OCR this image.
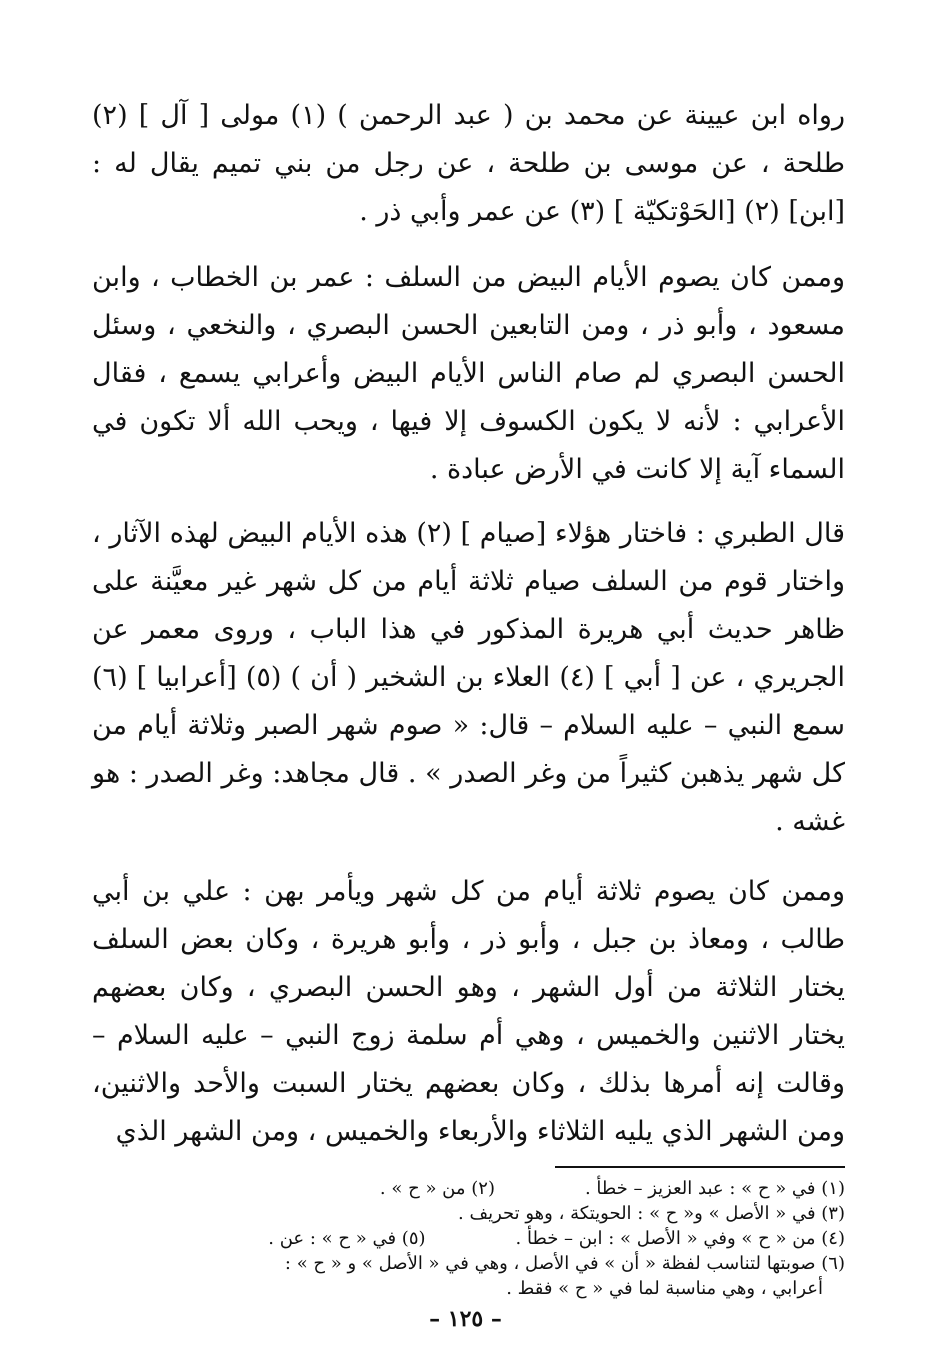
رواه ابن عيينة عن محمد بن ( عبد الرحمن ) (١) مولى [ آل ] (٢) طلحة ، عن موسى بن طلحة ، عن رجل من بني تميم يقال له : [ابن] (٢) [الحَوْتكيّة ] (٣) عن عمر وأبي ذر .

وممن كان يصوم الأيام البيض من السلف : عمر بن الخطاب ، وابن مسعود ، وأبو ذر ، ومن التابعين الحسن البصري ، والنخعي ، وسئل الحسن البصري لم صام الناس الأيام البيض وأعرابي يسمع ، فقال الأعرابي : لأنه لا يكون الكسوف إلا فيها ، ويحب الله ألا تكون في السماء آية إلا كانت في الأرض عبادة .

قال الطبري : فاختار هؤلاء [صيام ] (٢) هذه الأيام البيض لهذه الآثار ، واختار قوم من السلف صيام ثلاثة أيام من كل شهر غير معيَّنة على ظاهر حديث أبي هريرة المذكور في هذا الباب ، وروى معمر عن الجريري ، عن [ أبي ] (٤) العلاء بن الشخير ( أن ) (٥) [أعرابيا ] (٦) سمع النبي – عليه السلام – قال: « صوم شهر الصبر وثلاثة أيام من كل شهر يذهبن كثيراً من وغر الصدر » . قال مجاهد: وغر الصدر : هو غشه .

وممن كان يصوم ثلاثة أيام من كل شهر ويأمر بهن : علي بن أبي طالب ، ومعاذ بن جبل ، وأبو ذر ، وأبو هريرة ، وكان بعض السلف يختار الثلاثة من أول الشهر ، وهو الحسن البصري ، وكان بعضهم يختار الاثنين والخميس ، وهي أم سلمة زوج النبي – عليه السلام – وقالت إنه أمرها بذلك ، وكان بعضهم يختار السبت والأحد والاثنين، ومن الشهر الذي يليه الثلاثاء والأربعاء والخميس ، ومن الشهر الذي

(١) في « ح » : عبد العزيز – خطأ .(٢) من « ح » .
(٣) في « الأصل » و« ح » : الحويتكة ، وهو تحريف .
(٤) من « ح » وفي « الأصل » : ابن – خطأ .(٥) في « ح » : عن .
(٦) صوبتها لتناسب لفظة « أن » في الأصل ، وهي في « الأصل » و « ح » :
أعرابي ، وهي مناسبة لما في « ح » فقط .
– ١٢٥ –
